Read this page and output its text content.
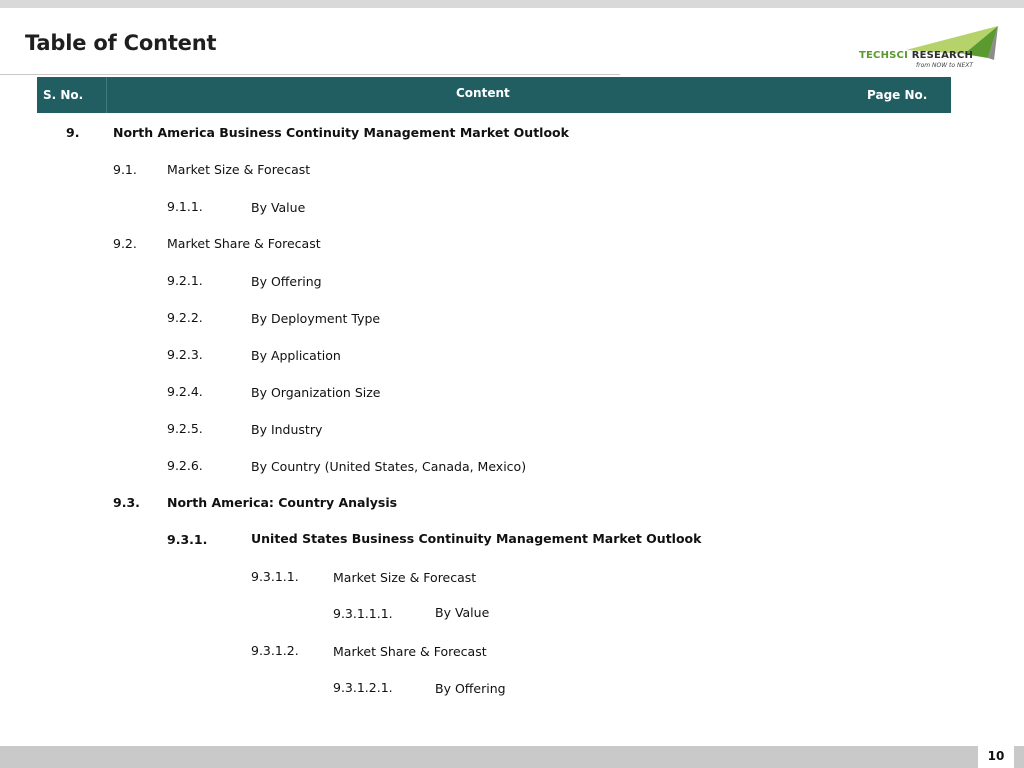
Table of Content
TECHSCI RESEARCH
from NOW to NEXT
S. No.	Content	Page No.
9.	North America Business Continuity Management Market Outlook
9.1. Market Size & Forecast
9.1.1.	By Value
9.2. Market Share & Forecast
9.2.1.	By Offering
9.2.2.	By Deployment Type
9.2.3.	By Application
9.2.4.	By Organization Size
9.2.5.	By Industry
9.2.6.	By Country (United States, Canada, Mexico)
9.3. North America: Country Analysis
9.3.1.	United States Business Continuity Management Market Outlook
9.3.1.1.	Market Size & Forecast
9.3.1.1.1.	By Value
9.3.1.2.	Market Share & Forecast
9.3.1.2.1.	By Offering
10
